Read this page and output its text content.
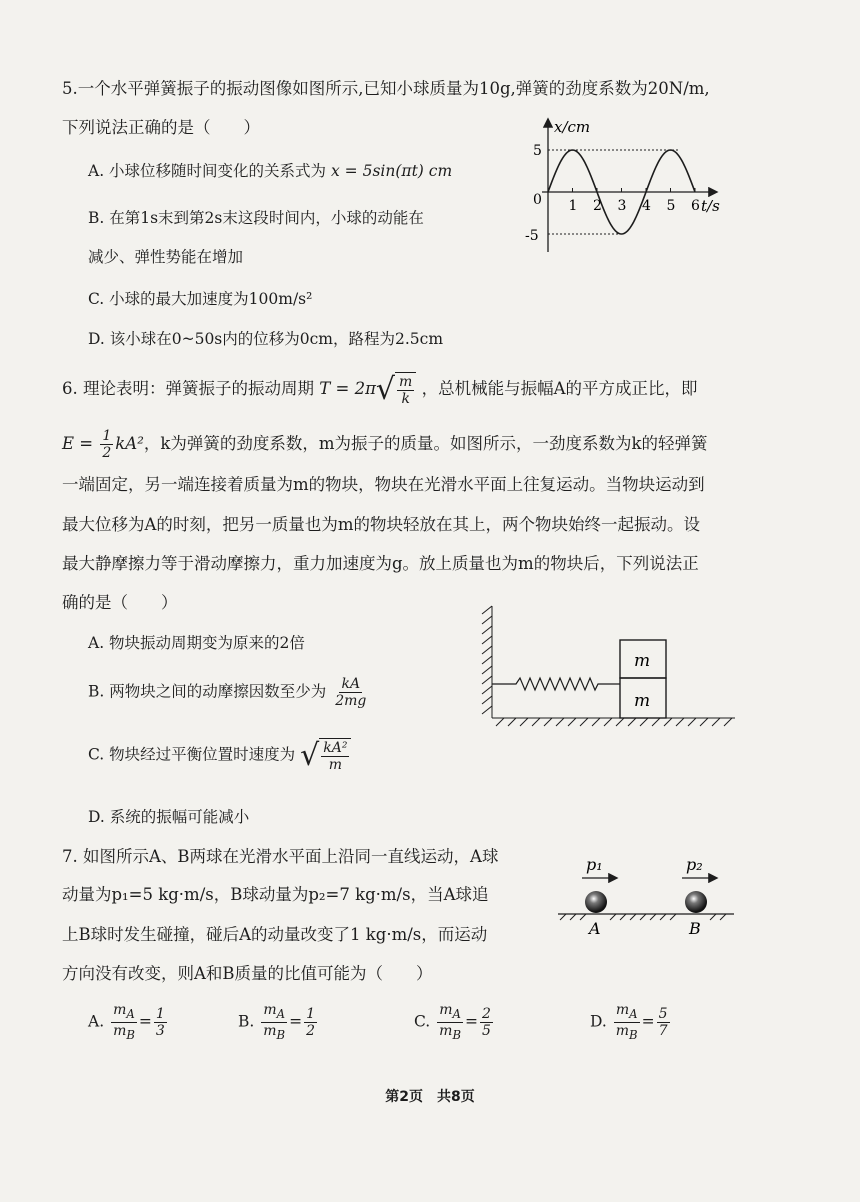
5.一个水平弹簧振子的振动图像如图所示,已知小球质量为10g,弹簧的劲度系数为20N/m,
下列说法正确的是（　　）
A. 小球位移随时间变化的关系式为 x = 5sin(πt) cm
B. 在第1s末到第2s末这段时间内，小球的动能在
减少、弹性势能在增加
C. 小球的最大加速度为100m/s²
D. 该小球在0~50s内的位移为0cm，路程为2.5cm
1 2 3 4 5 6
x/cm
t/s
0
5
-5
6. 理论表明：弹簧振子的振动周期 T = 2π √ $\frac{m}{k}$ ，总机械能与振幅A的平方成正比，即
$E = \frac{1}{2} kA^2$，k为弹簧的劲度系数，m为振子的质量。如图所示，一劲度系数为k的轻弹簧
一端固定，另一端连接着质量为m的物块，物块在光滑水平面上往复运动。当物块运动到
最大位移为A的时刻，把另一质量也为m的物块轻放在其上，两个物块始终一起振动。设
最大静摩擦力等于滑动摩擦力，重力加速度为g。放上质量也为m的物块后，下列说法正
确的是（　　）
A. 物块振动周期变为原来的2倍
B. 两物块之间的动摩擦因数至少为 $\frac{kA}{2mg}$
C. 物块经过平衡位置时速度为 √ $\frac{\text{kA²}}{m}$
D. 系统的振幅可能减小
m
m
7. 如图所示A、B两球在光滑水平面上沿同一直线运动，A球
动量为p₁=5 kg·m/s，B球动量为p₂=7 kg·m/s，当A球追
上B球时发生碰撞，碰后A的动量改变了1 kg·m/s，而运动
方向没有改变，则A和B质量的比值可能为（　　）
p₁	p₂
A	B
A. $\frac{m_A}{m_B} = \frac{1}{3}$	B. $\frac{m_A}{m_B} = \frac{1}{2}$	C. $\frac{m_A}{m_B} = \frac{2}{5}$	D. $\frac{m_A}{m_B} = \frac{5}{7}$
第2页　共8页
